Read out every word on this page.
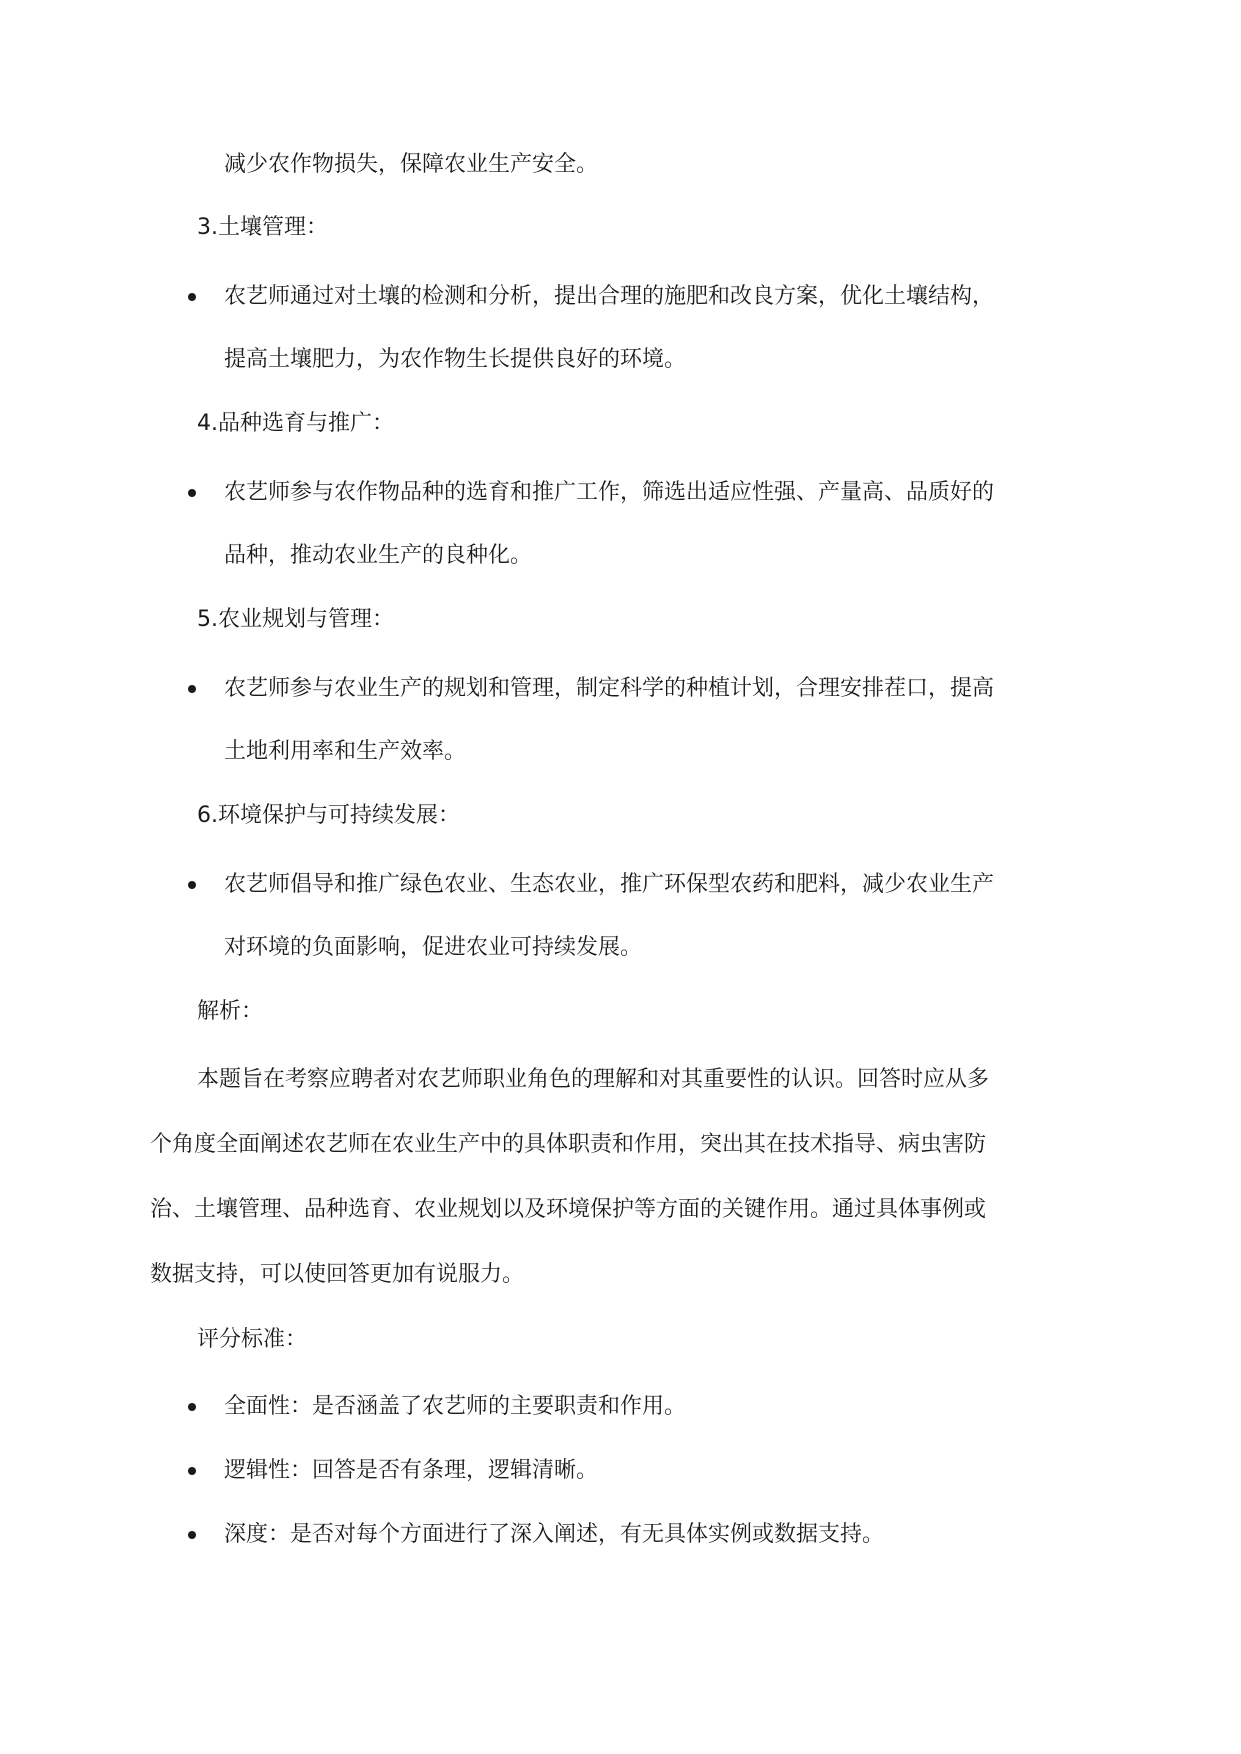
减少农作物损失，保障农业生产安全。
3.土壤管理：
农艺师通过对土壤的检测和分析，提出合理的施肥和改良方案，优化土壤结构，
提高土壤肥力，为农作物生长提供良好的环境。
4.品种选育与推广：
农艺师参与农作物品种的选育和推广工作，筛选出适应性强、产量高、品质好的
品种，推动农业生产的良种化。
5.农业规划与管理：
农艺师参与农业生产的规划和管理，制定科学的种植计划，合理安排茬口，提高
土地利用率和生产效率。
6.环境保护与可持续发展：
农艺师倡导和推广绿色农业、生态农业，推广环保型农药和肥料，减少农业生产
对环境的负面影响，促进农业可持续发展。
解析：
本题旨在考察应聘者对农艺师职业角色的理解和对其重要性的认识。回答时应从多
个角度全面阐述农艺师在农业生产中的具体职责和作用，突出其在技术指导、病虫害防
治、土壤管理、品种选育、农业规划以及环境保护等方面的关键作用。通过具体事例或
数据支持，可以使回答更加有说服力。
评分标准：
全面性：是否涵盖了农艺师的主要职责和作用。
逻辑性：回答是否有条理，逻辑清晰。
深度：是否对每个方面进行了深入阐述，有无具体实例或数据支持。
